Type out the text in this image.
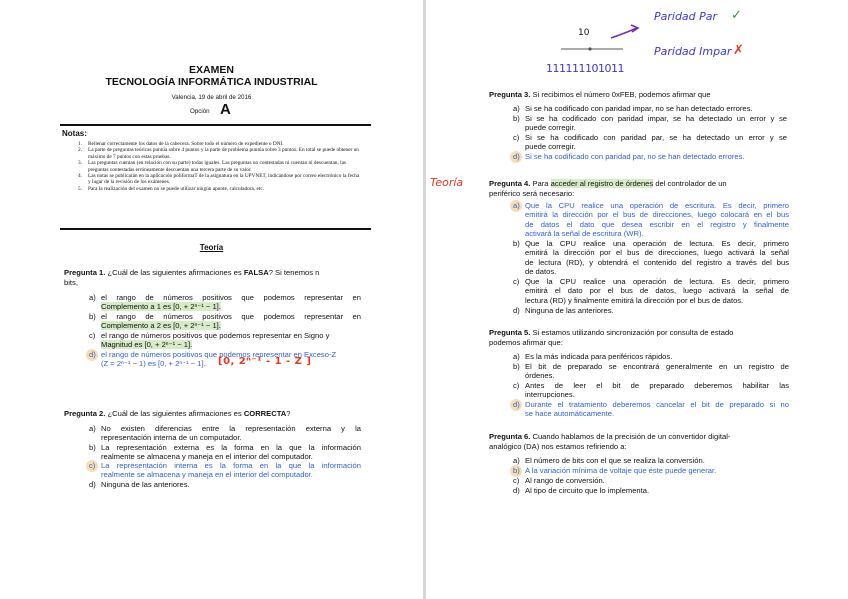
EXAMEN
TECNOLOGÍA INFORMÁTICA INDUSTRIAL
Valencia, 19 de abril de 2016
Opción A
Notas:
1. Rellenar correctamente los datos de la cabecera. Sobre todo el número de expediente o DNI.
2. La parte de preguntas teóricas puntúa sobre 4 puntos y la parte de problema puntúa sobre 3 puntos. En total se puede obtener un máximo de 7 puntos con estas pruebas.
3. Las preguntas cuentan (en relación con su parte) todas iguales. Las preguntas no contestadas ni cuentan ni descuentan, las preguntas contestadas erróneamente descuentan una tercera parte de su valor.
4. Las notas se publicarán en la aplicación poliformaT de la asignatura en la UPVNET, indicándose por correo electrónico la fecha y lugar de la revisión de los exámenes.
5. Para la realización del examen no se puede utilizar ningún apunte, calculadora, etc.
Teoría
Pregunta 1. ¿Cuál de las siguientes afirmaciones es FALSA? Si tenemos n
bits,
a) el rango de números positivos que podemos representar en
Complemento a 1 es [0, + 2ⁿ⁻¹ − 1].
b) el rango de números positivos que podemos representar en
Complemento a 2 es [0, + 2ⁿ⁻¹ − 1].
c) el rango de números positivos que podemos representar en Signo y
Magnitud es [0, + 2ⁿ⁻¹ − 1].
d) el rango de números positivos que podemos representar en Exceso-Z
(Z = 2ⁿ⁻¹ − 1) es [0, + 2ⁿ⁻¹ − 1]. [0, 2ⁿ⁻¹ - 1 - Z ]
Pregunta 2. ¿Cuál de las siguientes afirmaciones es CORRECTA?
a) No existen diferencias entre la representación externa y la
representación interna de un computador.
b) La representación externa es la forma en la que la información
realmente se almacena y maneja en el interior del computador.
c) La representación interna es la forma en la que la información
realmente se almacena y maneja en el interior del computador.
d) Ninguna de las anteriores.
10
111111101011
Paridad Par ✓
Paridad Impar ✗
Pregunta 3. Si recibimos el número 0xFEB, podemos afirmar que
a) Si se ha codificado con paridad impar, no se han detectado errores.
b) Si se ha codificado con paridad impar, se ha detectado un error y se
puede corregir.
c) Si se ha codificado con paridad par, se ha detectado un error y se
puede corregir.
d) Si se ha codificado con paridad par, no se han detectado errores.
Teoría	Pregunta 4. Para acceder al registro de órdenes del controlador de un
periférico será necesario:
a) Que la CPU realice una operación de escritura. Es decir, primero
emitirá la dirección por el bus de direcciones, luego colocará en el bus
de datos el dato que desea escribir en el registro y finalmente
activará la señal de escritura (WR).
b) Que la CPU realice una operación de lectura. Es decir, primero
emitirá la dirección por el bus de direcciones, luego activará la señal
de lectura (RD), y obtendrá el contenido del registro a través del bus
de datos.
c) Que la CPU realice una operación de lectura. Es decir, primero
emitirá el dato por el bus de datos, luego activará la señal de
lectura (RD) y finalmente emitirá la dirección por el bus de datos.
d) Ninguna de las anteriores.
Pregunta 5. Si estamos utilizando sincronización por consulta de estado
podemos afirmar que:
a) Es la más indicada para periféricos rápidos.
b) El bit de preparado se encontrará generalmente en un registro de
órdenes.
c) Antes de leer el bit de preparado deberemos habilitar las
interrupciones.
d) Durante el tratamiento deberemos cancelar el bit de preparado si no
se hace automáticamente.
Pregunta 6. Cuando hablamos de la precisión de un convertidor digital-
analógico (DA) nos estamos refiriendo a:
a) El número de bits con el que se realiza la conversión.
b) A la variación mínima de voltaje que éste puede generar.
c) Al rango de conversión.
d) Al tipo de circuito que lo implementa.
